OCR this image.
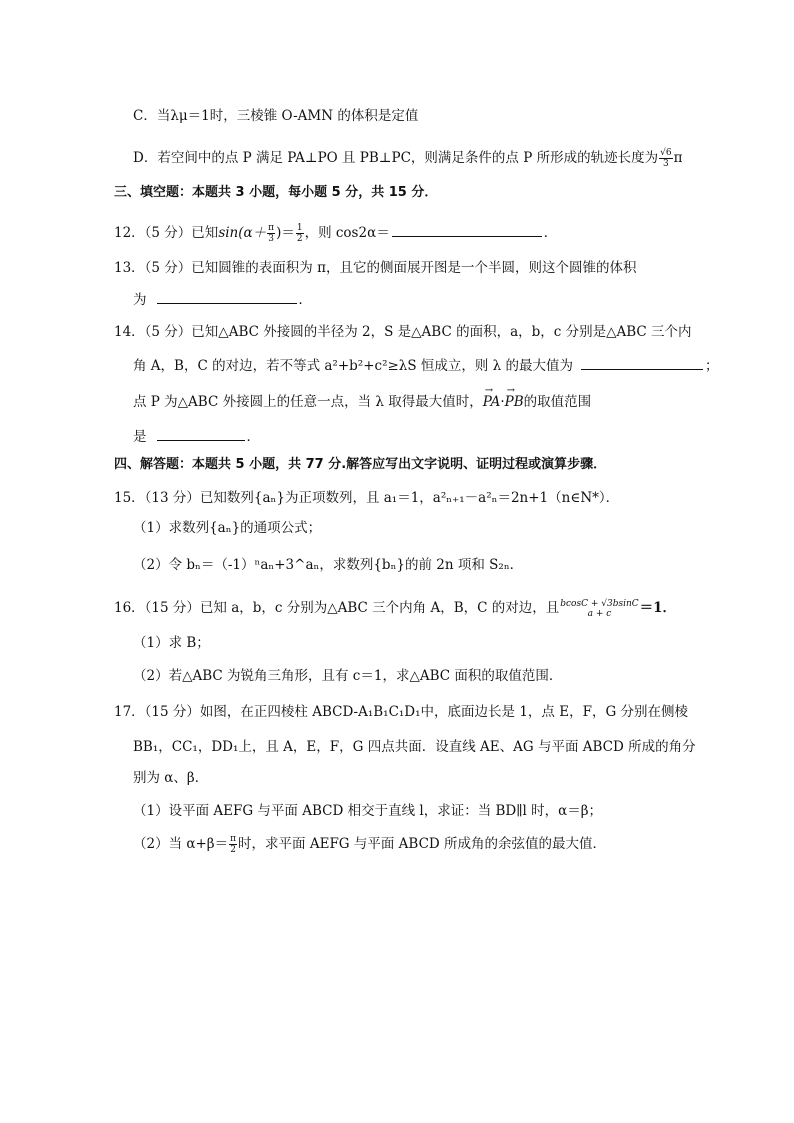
C．当λμ＝1时，三棱锥 O-AMN 的体积是定值
D．若空间中的点 P 满足 PA⊥PO 且 PB⊥PC，则满足条件的点 P 所形成的轨迹长度为 $\frac{√6}{3}$ π
三、填空题：本题共 3 小题，每小题 5 分，共 15 分．
12．（5 分）已知$\sin(\alpha+ \frac{\pi}{3}$ )＝ $\frac{1}{2}$ ，则 cos2α＝	．
13．（5 分）已知圆锥的表面积为 π，且它的侧面展开图是一个半圆，则这个圆锥的体积
为	．
14．（5 分）已知△ABC 外接圆的半径为 2，S 是△ABC 的面积，a，b，c 分别是△ABC 三个内
角 A，B，C 的对边，若不等式 a²+b²+c²≥λS 恒成立，则 λ 的最大值为	；
点 P 为△ABC 外接圆上的任意一点，当 λ 取得最大值时，→ PA·→ PB的取值范围
是	．
四、解答题：本题共 5 小题，共 77 分.解答应写出文字说明、证明过程或演算步骤．
15．（13 分）已知数列{aₙ}为正项数列，且 a₁＝1，a²ₙ₊₁－a²ₙ＝2n+1（n∈N*）．
（1）求数列{aₙ}的通项公式；
（2）令 bₙ＝（-1）ⁿaₙ+3^aₙ，求数列{bₙ}的前 2n 项和 S₂ₙ．
16．（15 分）已知 a，b，c 分别为△ABC 三个内角 A，B，C 的对边，且 bcosC + √3bsinC
a + c ＝1．
（1）求 B；
（2）若△ABC 为锐角三角形，且有 c＝1，求△ABC 面积的取值范围．
17．（15 分）如图，在正四棱柱 ABCD-A₁B₁C₁D₁中，底面边长是 1，点 E，F，G 分别在侧棱
BB₁，CC₁，DD₁上，且 A，E，F，G 四点共面．设直线 AE、AG 与平面 ABCD 所成的角分
别为 α、β．
（1）设平面 AEFG 与平面 ABCD 相交于直线 l，求证：当 BD∥l 时，α＝β；
（2）当 $\alpha+\beta= \frac{\pi}{2}$ 时，求平面 AEFG 与平面 ABCD 所成角的余弦值的最大值．
